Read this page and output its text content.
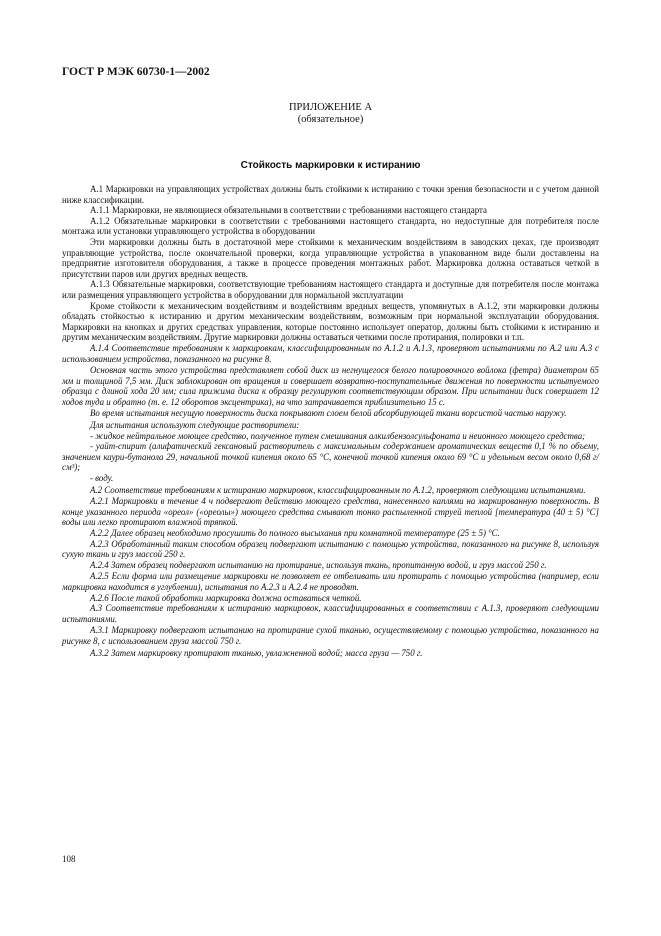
ГОСТ Р МЭК 60730-1—2002
ПРИЛОЖЕНИЕ А
(обязательное)
Стойкость маркировки к истиранию

А.1 Маркировки на управляющих устройствах должны быть стойкими к истиранию с точки зрения безопасности и с учетом данной ниже классификации.

А.1.1 Маркировки, не являющиеся обязательными в соответствии с требованиями настоящего стандарта

А.1.2 Обязательные маркировки в соответствии с требованиями настоящего стандарта, но недоступные для потребителя после монтажа или установки управляющего устройства в оборудовании

Эти маркировки должны быть в достаточной мере стойкими к механическим воздействиям в заводских цехах, где производят управляющие устройства, после окончательной проверки, когда управляющие устройства в упакованном виде были доставлены на предприятие изготовителя оборудования, а также в процессе проведения монтажных работ. Маркировка должна оставаться четкой в присутствии паров или других вредных веществ.

А.1.3 Обязательные маркировки, соответствующие требованиям настоящего стандарта и доступные для потребителя после монтажа или размещения управляющего устройства в оборудовании для нормальной эксплуатации

Кроме стойкости к механическим воздействиям и воздействиям вредных веществ, упомянутых в А.1.2, эти маркировки должны обладать стойкостью к истиранию и другим механическим воздействиям, возможным при нормальной эксплуатации оборудования. Маркировки на кнопках и других средствах управления, которые постоянно использует оператор, должны быть стойкими к истиранию и другим механическим воздействиям. Другие маркировки должны оставаться четкими после протирания, полировки и т.п.

А.1.4 Соответствие требованиям к маркировкам, классифицированным по А.1.2 и А.1.3, проверяют испытаниями по А.2 или А.3 с использованием устройства, показанного на рисунке 8.

Основная часть этого устройства представляет собой диск из негнущегося белого полировочного войлока (фетра) диаметром 65 мм и толщиной 7,5 мм. Диск заблокирован от вращения и совершает возвратно-поступательные движения по поверхности испытуемого образца с длиной хода 20 мм; сила прижима диска к образцу регулируют соответствующим образом. При испытании диск совершает 12 ходов туда и обратно (т. е. 12 оборотов эксцентрика), на что затрачивается приблизительно 15 с.

Во время испытания несущую поверхность диска покрывают слоем белой абсорбирующей ткани ворсистой частью наружу.

Для испытания используют следующие растворители:

- жидкое нейтральное моющее средство, полученное путем смешивания алкилбензолсульфоната и неионного моющего средства;

- уайт-спирит (алифатический гексановый растворитель с максимальным содержанием ароматических веществ 0,1 % по объему, значением каури-бутанола 29, начальной точкой кипения около 65 °С, конечной точкой кипения около 69 °С и удельным весом около 0,68 г/см³);

- воду.

А.2 Соответствие требованиям к истиранию маркировок, классифицированным по А.1.2, проверяют следующими испытаниями.

А.2.1 Маркировки в течение 4 ч подвергают действию моющего средства, нанесенного каплями на маркированную поверхность. В конце указанного периода «ореол» («ореолы») моющего средства смывают тонко распыленной струей теплой [температура (40 ± 5) °С] воды или легко протирают влажной тряпкой.

А.2.2 Далее образец необходимо просушить до полного высыхания при комнатной температуре (25 ± 5) °С.

А.2.3 Обработанный таким способом образец подвергают испытанию с помощью устройства, показанного на рисунке 8, используя сухую ткань и груз массой 250 г.

А.2.4 Затем образец подвергают испытанию на протирание, используя ткань, пропитанную водой, и груз массой 250 г.

А.2.5 Если форма или размещение маркировки не позволяет ее отбеливать или протирать с помощью устройства (например, если маркировка находится в углублении), испытания по А.2.3 и А.2.4 не проводят.

А.2.6 После такой обработки маркировка должна оставаться четкой.

А.3 Соответствие требованиям к истиранию маркировок, классифицированных в соответствии с А.1.3, проверяют следующими испытаниями.

А.3.1 Маркировку подвергают испытанию на протирание сухой тканью, осуществляемому с помощью устройства, показанного на рисунке 8, с использованием груза массой 750 г.

А.3.2 Затем маркировку протирают тканью, увлажненной водой; масса груза — 750 г.

108
